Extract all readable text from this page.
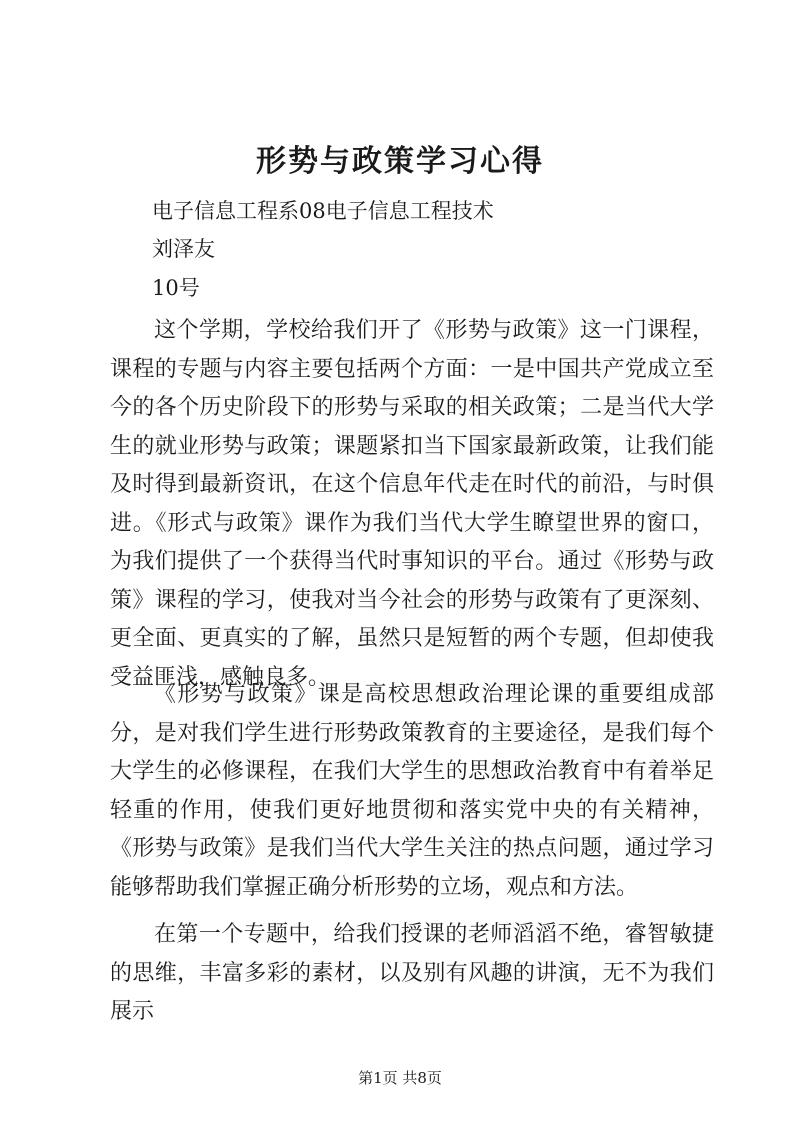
形势与政策学习心得
电子信息工程系08电子信息工程技术
刘泽友
10号

这个学期，学校给我们开了《形势与政策》这一门课程，课程的专题与内容主要包括两个方面：一是中国共产党成立至今的各个历史阶段下的形势与采取的相关政策；二是当代大学生的就业形势与政策；课题紧扣当下国家最新政策，让我们能及时得到最新资讯，在这个信息年代走在时代的前沿，与时俱进。《形式与政策》课作为我们当代大学生瞭望世界的窗口，为我们提供了一个获得当代时事知识的平台。通过《形势与政策》课程的学习，使我对当今社会的形势与政策有了更深刻、更全面、更真实的了解，虽然只是短暂的两个专题，但却使我受益匪浅，感触良多。

《形势与政策》课是高校思想政治理论课的重要组成部分，是对我们学生进行形势政策教育的主要途径，是我们每个大学生的必修课程，在我们大学生的思想政治教育中有着举足轻重的作用，使我们更好地贯彻和落实党中央的有关精神，《形势与政策》是我们当代大学生关注的热点问题，通过学习能够帮助我们掌握正确分析形势的立场，观点和方法。

在第一个专题中，给我们授课的老师滔滔不绝，睿智敏捷的思维，丰富多彩的素材，以及别有风趣的讲演，无不为我们展示

第1页 共8页
